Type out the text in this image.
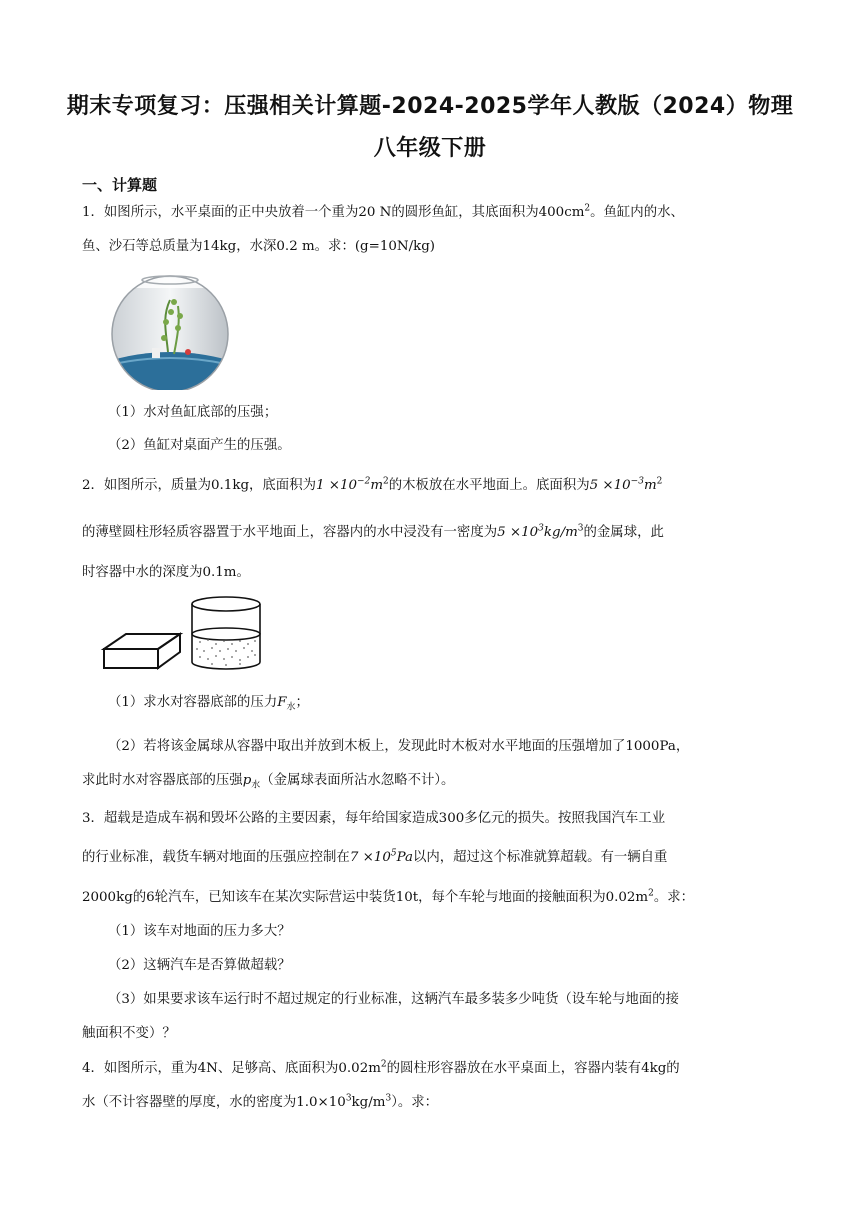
期末专项复习：压强相关计算题-2024-2025学年人教版（2024）物理
八年级下册
一、计算题
1．如图所示，水平桌面的正中央放着一个重为20 N的圆形鱼缸，其底面积为$400cm^2$。鱼缸内的水、
鱼、沙石等总质量为14kg，水深0.2 m。求：(g=10N/kg)
（1）水对鱼缸底部的压强；
（2）鱼缸对桌面产生的压强。
2．如图所示，质量为0.1kg，底面积为$1 \times 10^{-2}m^2$的木板放在水平地面上。底面积为$5 \times 10^{-3}m^2$
的薄壁圆柱形轻质容器置于水平地面上，容器内的水中浸没有一密度为$5 \times 10^3kg/m^3$的金属球，此
时容器中水的深度为0.1m。
（1）求水对容器底部的压力$F_水$；
（2）若将该金属球从容器中取出并放到木板上，发现此时木板对水平地面的压强增加了1000Pa，
求此时水对容器底部的压强$p_水$（金属球表面所沾水忽略不计）。
3．超载是造成车祸和毁坏公路的主要因素，每年给国家造成300多亿元的损失。按照我国汽车工业
的行业标准，载货车辆对地面的压强应控制在$7 \times 10^5Pa$以内，超过这个标准就算超载。有一辆自重
2000kg的6轮汽车，已知该车在某次实际营运中装货10t，每个车轮与地面的接触面积为$0.02m^2$。求：
（1）该车对地面的压力多大？
（2）这辆汽车是否算做超载？
（3）如果要求该车运行时不超过规定的行业标准，这辆汽车最多装多少吨货（设车轮与地面的接
触面积不变）？
4．如图所示，重为4N、足够高、底面积为$0.02m^2$的圆柱形容器放在水平桌面上，容器内装有4kg的
水（不计容器壁的厚度，水的密度为$1.0\times 10^3kg/m^3$）。求：
